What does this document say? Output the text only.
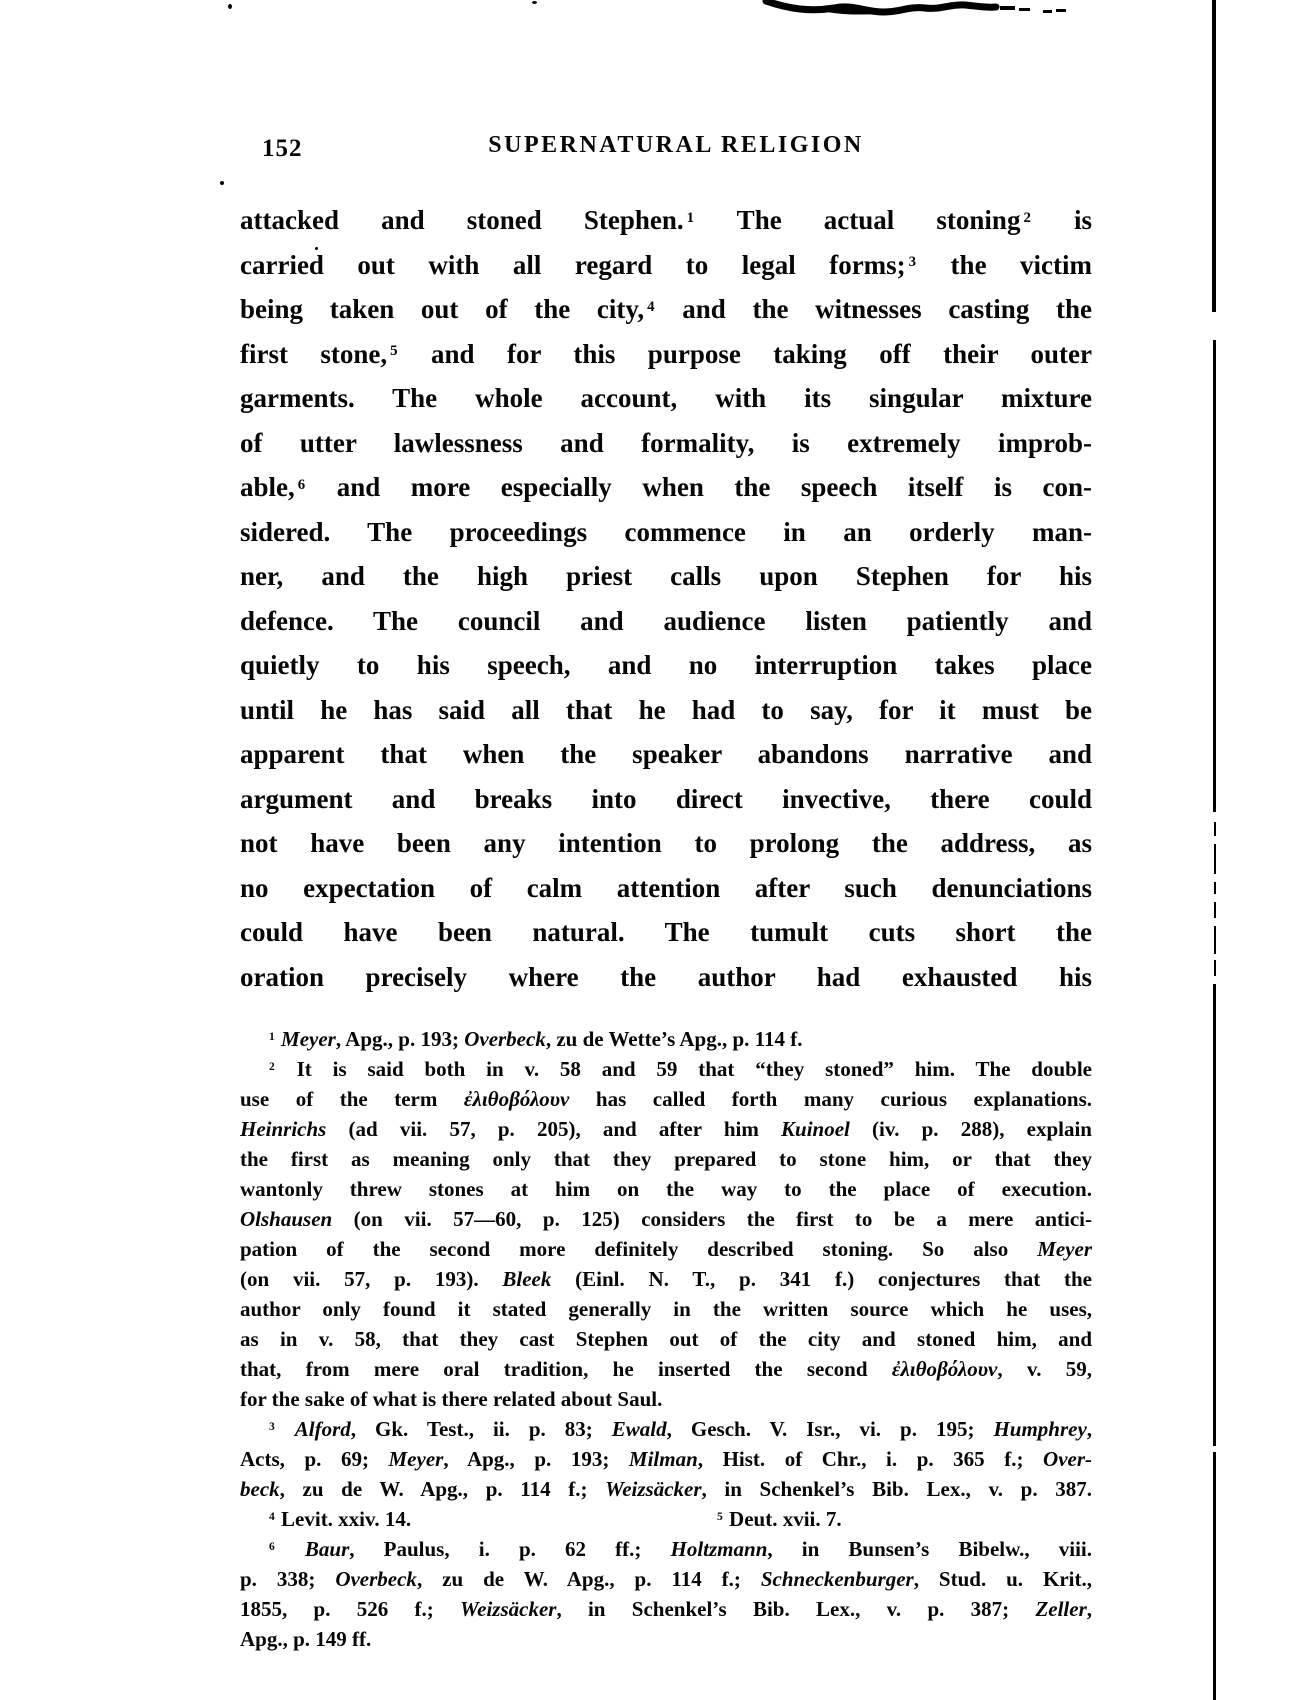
152	SUPERNATURAL RELIGION
attacked and stoned Stephen. $^1$ The actual stoning $^2$ is
carried out with all regard to legal forms; $^3$ the victim
being taken out of the city, $^4$ and the witnesses casting the
first stone, $^5$ and for this purpose taking off their outer
garments. The whole account, with its singular mixture
of utter lawlessness and formality, is extremely improb-
able, $^6$ and more especially when the speech itself is con-
sidered. The proceedings commence in an orderly man-
ner, and the high priest calls upon Stephen for his
defence. The council and audience listen patiently and
quietly to his speech, and no interruption takes place
until he has said all that he had to say, for it must be
apparent that when the speaker abandons narrative and
argument and breaks into direct invective, there could
not have been any intention to prolong the address, as
no expectation of calm attention after such denunciations
could have been natural. The tumult cuts short the
oration precisely where the author had exhausted his
$^1$ Meyer, Apg., p. 193; Overbeck, zu de Wette’s Apg., p. 114 f.
$^2$ It is said both in v. 58 and 59 that “they stoned” him. The double
use of the term ἐλιθοβόλουν has called forth many curious explanations.
Heinrichs (ad vii. 57, p. 205), and after him Kuinoel (iv. p. 288), explain
the first as meaning only that they prepared to stone him, or that they
wantonly threw stones at him on the way to the place of execution.
Olshausen (on vii. 57—60, p. 125) considers the first to be a mere antici-
pation of the second more definitely described stoning. So also Meyer
(on vii. 57, p. 193). Bleek (Einl. N. T., p. 341 f.) conjectures that the
author only found it stated generally in the written source which he uses,
as in v. 58, that they cast Stephen out of the city and stoned him, and
that, from mere oral tradition, he inserted the second ἐλιθοβόλουν, v. 59,
for the sake of what is there related about Saul.
$^3$ Alford, Gk. Test., ii. p. 83; Ewald, Gesch. V. Isr., vi. p. 195; Humphrey,
Acts, p. 69; Meyer, Apg., p. 193; Milman, Hist. of Chr., i. p. 365 f.; Over-
beck, zu de W. Apg., p. 114 f.; Weizsäcker, in Schenkel’s Bib. Lex., v. p. 387.
$^4$ Levit. xxiv. 14.	$^5$ Deut. xvii. 7.
$^6$ Baur, Paulus, i. p. 62 ff.; Holtzmann, in Bunsen’s Bibelw., viii.
p. 338; Overbeck, zu de W. Apg., p. 114 f.; Schneckenburger, Stud. u. Krit.,
1855, p. 526 f.; Weizsäcker, in Schenkel’s Bib. Lex., v. p. 387; Zeller,
Apg., p. 149 ff.
